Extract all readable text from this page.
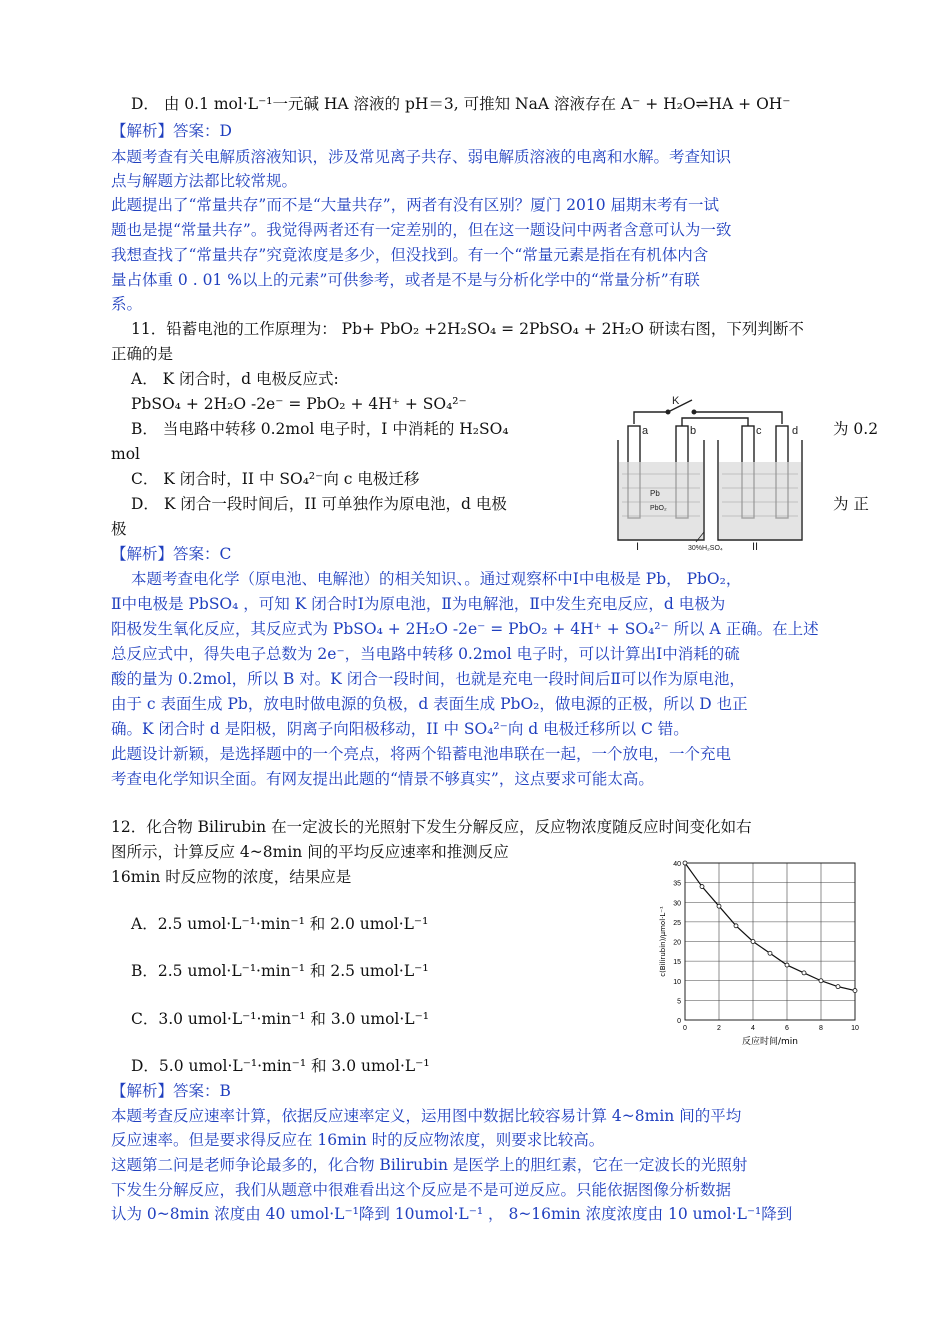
D． 由 0.1 mol·L⁻¹一元碱 HA 溶液的 pH＝3, 可推知 NaA 溶液存在 A⁻ + H₂O⇌HA + OH⁻
【解析】答案：D
本题考查有关电解质溶液知识，涉及常见离子共存、弱电解质溶液的电离和水解。考查知识
点与解题方法都比较常规。
此题提出了“常量共存”而不是“大量共存”，两者有没有区别？厦门 2010 届期末考有一试
题也是提“常量共存”。我觉得两者还有一定差别的，但在这一题设问中两者含意可认为一致
我想查找了“常量共存”究竟浓度是多少，但没找到。有一个“常量元素是指在有机体内含
量占体重 0 . 01 %以上的元素”可供参考，或者是不是与分析化学中的“常量分析”有联
系。
11．铅蓄电池的工作原理为： Pb+ PbO₂ +2H₂SO₄ = 2PbSO₄ + 2H₂O 研读右图，下列判断不
正确的是
A． K 闭合时，d 电极反应式:
PbSO₄ + 2H₂O -2e⁻ = PbO₂ + 4H⁺ + SO₄²⁻
B． 当电路中转移 0.2mol 电子时，I 中消耗的 H₂SO₄	为 0.2
mol
C． K 闭合时，II 中 SO₄²⁻向 c 电极迁移
D． K 闭合一段时间后，II 可单独作为原电池，d 电极	为 正
极
K
a	b	c	d
Pb
PbO₂
I	II
30%H₂SO₄
【解析】答案：C
本题考查电化学（原电池、电解池）的相关知识、。通过观察杯中Ⅰ中电极是 Pb， PbO₂，
Ⅱ中电极是 PbSO₄ ，可知 K 闭合时Ⅰ为原电池，Ⅱ为电解池，Ⅱ中发生充电反应，d 电极为
阳极发生氧化反应，其反应式为 PbSO₄ + 2H₂O -2e⁻ = PbO₂ + 4H⁺ + SO₄²⁻ 所以 A 正确。在上述
总反应式中，得失电子总数为 2e⁻，当电路中转移 0.2mol 电子时，可以计算出Ⅰ中消耗的硫
酸的量为 0.2mol，所以 B 对。K 闭合一段时间，也就是充电一段时间后Ⅱ可以作为原电池，
由于 c 表面生成 Pb，放电时做电源的负极，d 表面生成 PbO₂，做电源的正极，所以 D 也正
确。K 闭合时 d 是阳极，阴离子向阳极移动，II 中 SO₄²⁻向 d 电极迁移所以 C 错。
此题设计新颖，是选择题中的一个亮点，将两个铅蓄电池串联在一起，一个放电，一个充电
考查电化学知识全面。有网友提出此题的“情景不够真实”，这点要求可能太高。
12．化合物 Bilirubin 在一定波长的光照射下发生分解反应，反应物浓度随反应时间变化如右
图所示，计算反应 4~8min 间的平均反应速率和推测反应
16min 时反应物的浓度，结果应是
A．2.5 umol·L⁻¹·min⁻¹ 和 2.0 umol·L⁻¹
B．2.5 umol·L⁻¹·min⁻¹ 和 2.5 umol·L⁻¹
C．3.0 umol·L⁻¹·min⁻¹ 和 3.0 umol·L⁻¹
D．5.0 umol·L⁻¹·min⁻¹ 和 3.0 umol·L⁻¹
0
5
10
15
20
25
30
35
40
0	2	4	6	8	10
反应时间/min
c(Bilirubin)/μmol·L⁻¹
【解析】答案：B
本题考查反应速率计算，依据反应速率定义，运用图中数据比较容易计算 4~8min 间的平均
反应速率。但是要求得反应在 16min 时的反应物浓度，则要求比较高。
这题第二问是老师争论最多的，化合物 Bilirubin 是医学上的胆红素，它在一定波长的光照射
下发生分解反应，我们从题意中很难看出这个反应是不是可逆反应。只能依据图像分析数据
认为 0~8min 浓度由 40 umol·L⁻¹降到 10umol·L⁻¹ ， 8~16min 浓度浓度由 10 umol·L⁻¹降到
